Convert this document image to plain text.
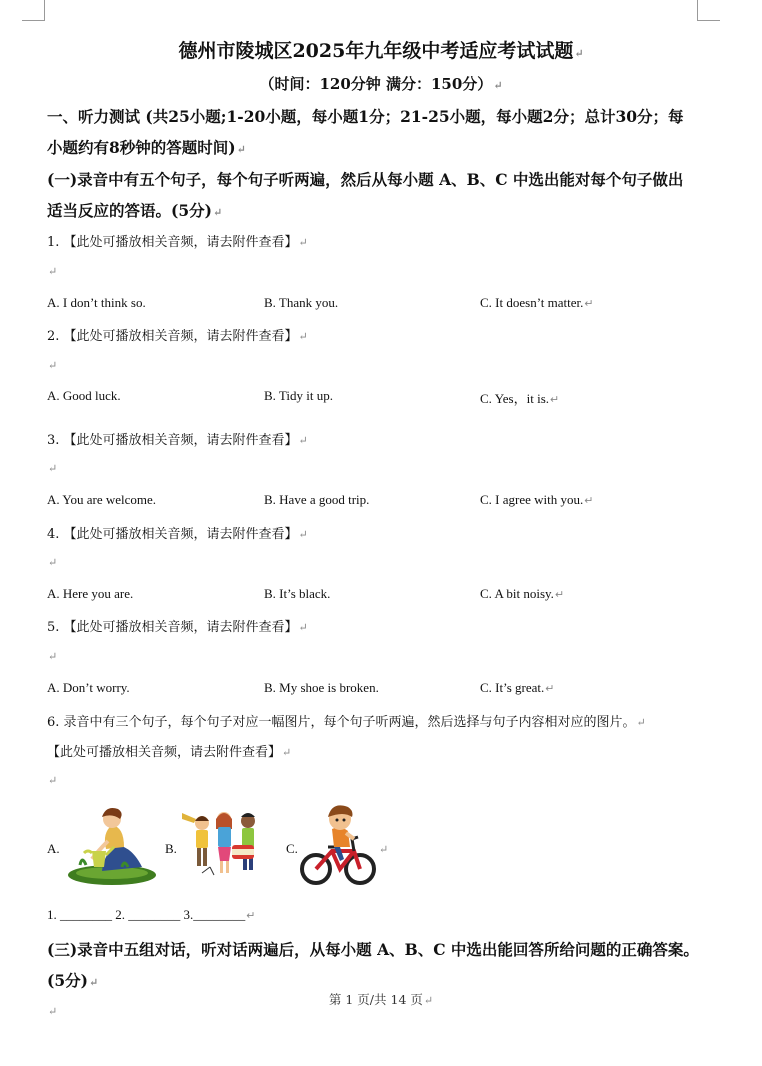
德州市陵城区2025年九年级中考适应考试试题↵
（时间：120分钟 满分：150分）↵
一、听力测试 (共25小题;1-20小题，每小题1分；21-25小题，每小题2分；总计30分；每
小题约有8秒钟的答题时间)↵
(一)录音中有五个句子，每个句子听两遍，然后从每小题 A、B、C 中选出能对每个句子做出
适当反应的答语。(5分)↵
1. 【此处可播放相关音频，请去附件查看】↵
↵
A. I don’t think so.	B. Thank you.	C. It doesn’t matter.↵
2. 【此处可播放相关音频，请去附件查看】↵
↵
A. Good luck.	B. Tidy it up.	C. Yes，it is.↵
3. 【此处可播放相关音频，请去附件查看】↵
↵
A. You are welcome.	B. Have a good trip.	C. I agree with you.↵
4. 【此处可播放相关音频，请去附件查看】↵
↵
A. Here you are.	B. It’s black.	C. A bit noisy.↵
5. 【此处可播放相关音频，请去附件查看】↵
↵
A. Don’t worry.	B. My shoe is broken.	C. It’s great.↵
6. 录音中有三个句子，每个句子对应一幅图片，每个句子听两遍，然后选择与句子内容相对应的图片。↵
【此处可播放相关音频，请去附件查看】↵
↵
A.	B.	C.	↵
1. ________ 2. ________ 3.________↵
(三)录音中五组对话，听对话两遍后，从每小题 A、B、C 中选出能回答所给问题的正确答案。
(5分)↵
第 1 页/共 14 页↵
↵
